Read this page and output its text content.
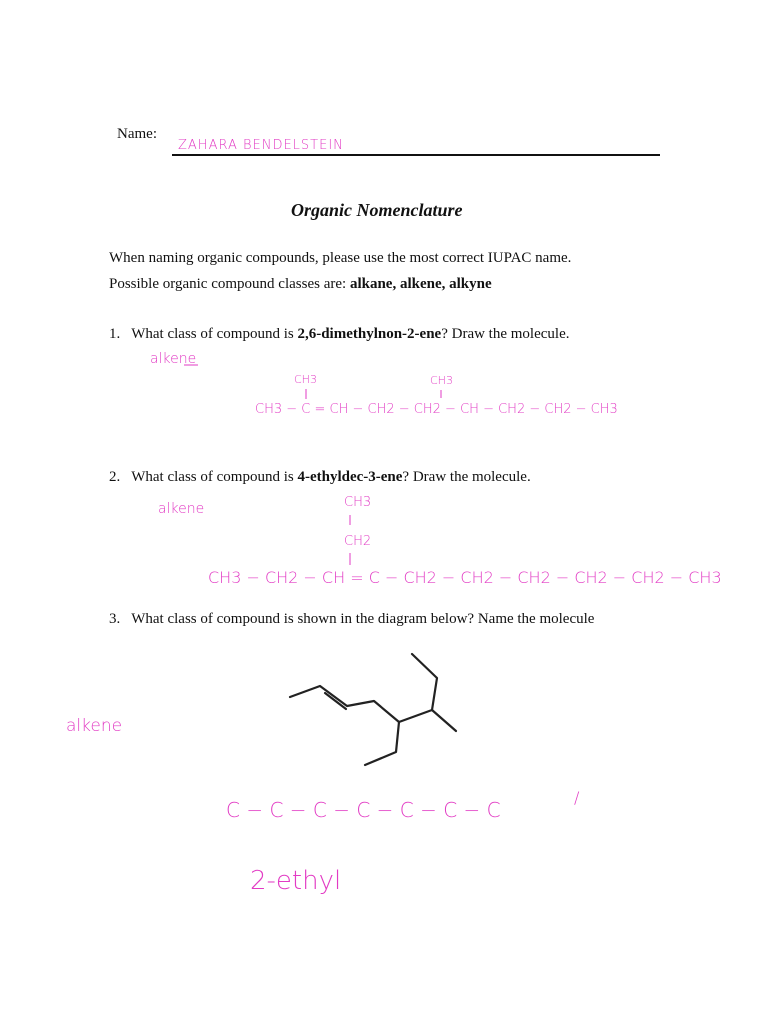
Name:
ZAHARA BENDELSTEIN
Organic Nomenclature
When naming organic compounds, please use the most correct IUPAC name.
Possible organic compound classes are: alkane, alkene, alkyne
1. What class of compound is 2,6-dimethylnon-2-ene? Draw the molecule.
alkene
CH3	CH3
CH3 − C = CH − CH2 − CH2 − CH − CH2 − CH2 − CH3
2. What class of compound is 4-ethyldec-3-ene? Draw the molecule.
alkene	CH3
CH2
CH3 − CH2 − CH = C − CH2 − CH2 − CH2 − CH2 − CH2 − CH3
3. What class of compound is shown in the diagram below? Name the molecule
alkene
C − C − C − C − C − C − C
/
2-ethyl
